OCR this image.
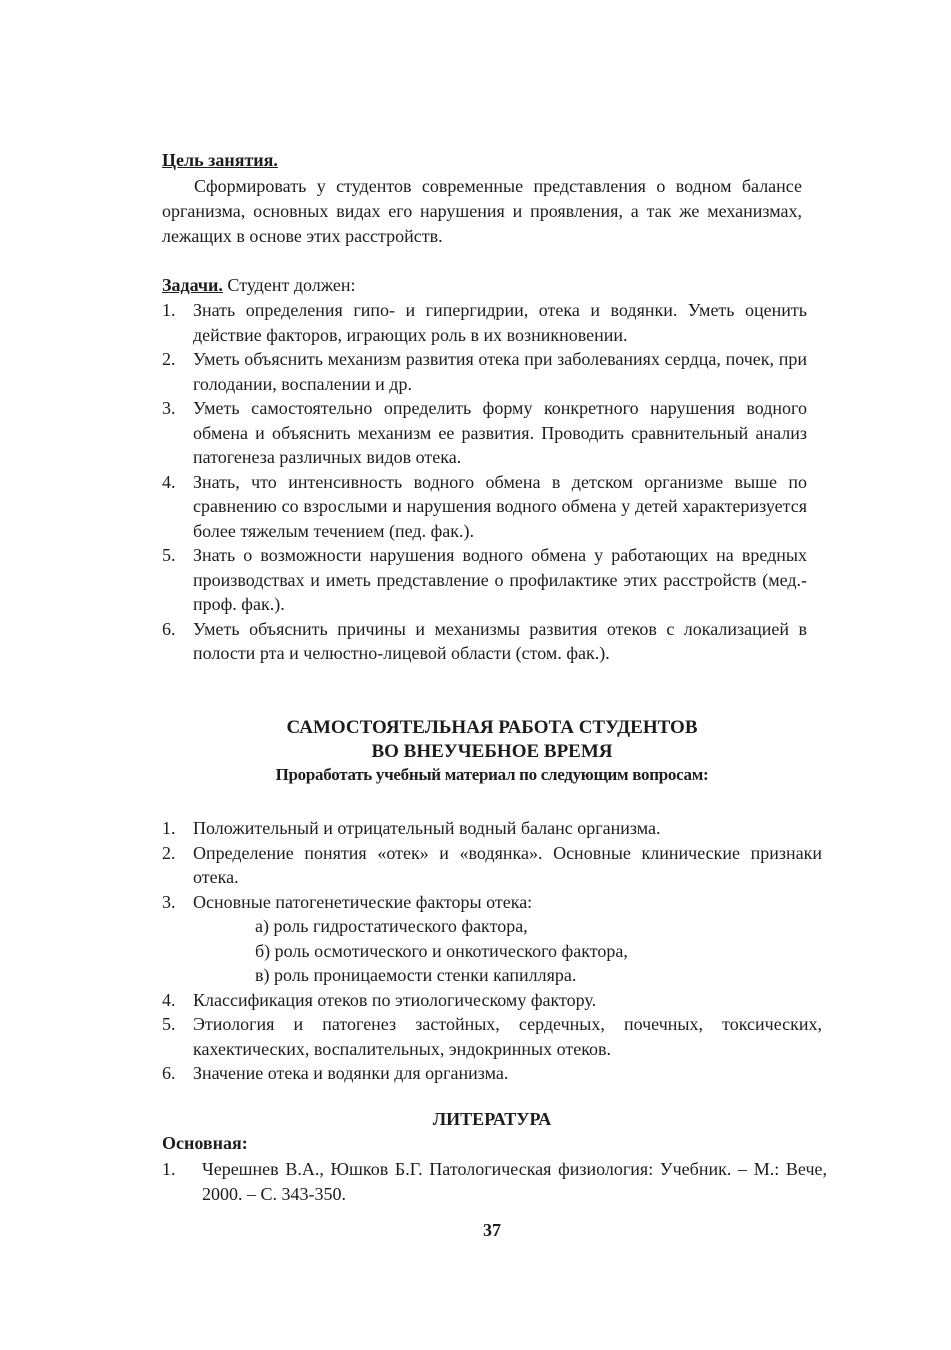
Цель занятия.
Сформировать у студентов современные представления о водном балансе организма, основных видах его нарушения и проявления, а так же механизмах, лежащих в основе этих расстройств.
Задачи. Студент должен:
1. Знать определения гипо- и гипергидрии, отека и водянки. Уметь оценить действие факторов, играющих роль в их возникновении.
2. Уметь объяснить механизм развития отека при заболеваниях сердца, почек, при голодании, воспалении и др.
3. Уметь самостоятельно определить форму конкретного нарушения водного обмена и объяснить механизм ее развития. Проводить сравнительный анализ патогенеза различных видов отека.
4. Знать, что интенсивность водного обмена в детском организме выше по сравнению со взрослыми и нарушения водного обмена у детей характеризуется более тяжелым течением (пед. фак.).
5. Знать о возможности нарушения водного обмена у работающих на вредных производствах и иметь представление о профилактике этих расстройств (мед.-проф. фак.).
6. Уметь объяснить причины и механизмы развития отеков с локализацией в полости рта и челюстно-лицевой области (стом. фак.).
САМОСТОЯТЕЛЬНАЯ РАБОТА СТУДЕНТОВ
ВО ВНЕУЧЕБНОЕ ВРЕМЯ
Проработать учебный материал по следующим вопросам:
1. Положительный и отрицательный водный баланс организма.
2. Определение понятия «отек» и «водянка». Основные клинические признаки отека.
3. Основные патогенетические факторы отека:
а) роль гидростатического фактора,
б) роль осмотического и онкотического фактора,
в) роль проницаемости стенки капилляра.
4. Классификация отеков по этиологическому фактору.
5. Этиология и патогенез застойных, сердечных, почечных, токсических, кахектических, воспалительных, эндокринных отеков.
6. Значение отека и водянки для организма.
ЛИТЕРАТУРА
Основная:
1. Черешнев В.А., Юшков Б.Г. Патологическая физиология: Учебник. – М.: Вече, 2000. – С. 343-350.
37
